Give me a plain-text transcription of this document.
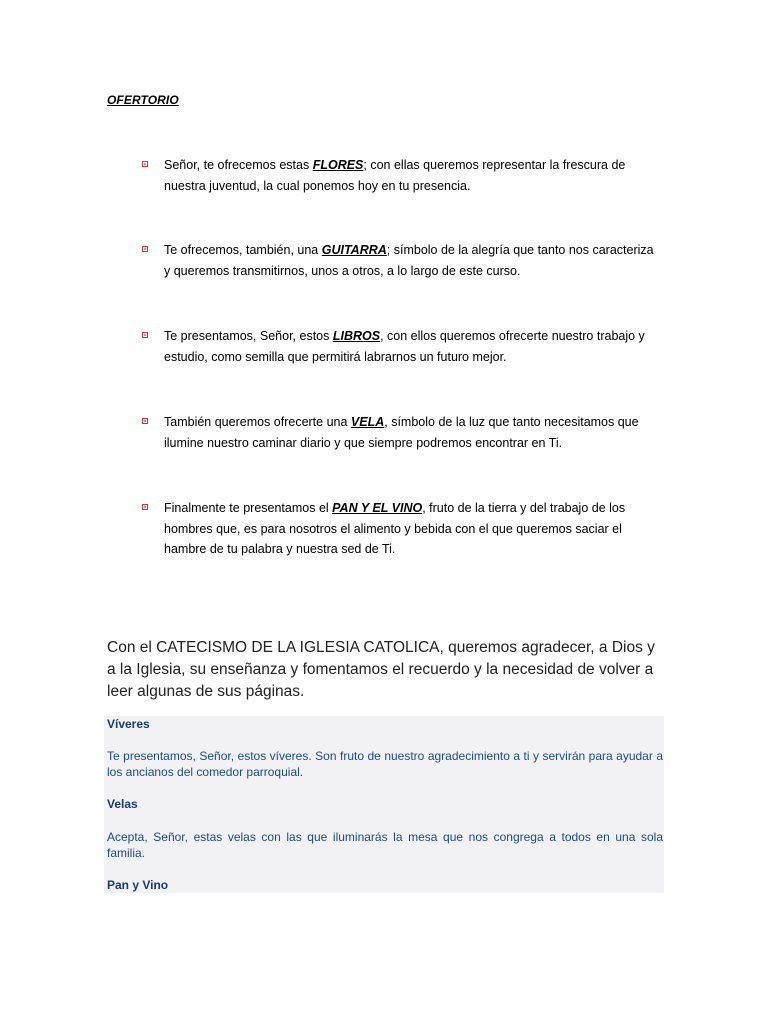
OFERTORIO
Señor, te ofrecemos estas FLORES; con ellas queremos representar la frescura de nuestra juventud, la cual ponemos hoy en tu presencia.
Te ofrecemos, también, una GUITARRA; símbolo de la alegría que tanto nos caracteriza y queremos transmitirnos, unos a otros, a lo largo de este curso.
Te presentamos, Señor, estos LIBROS, con ellos queremos ofrecerte nuestro trabajo y estudio, como semilla que permitirá labrarnos un futuro mejor.
También queremos ofrecerte una VELA, símbolo de la luz que tanto necesitamos que ilumine nuestro caminar diario y que siempre podremos encontrar en Ti.
Finalmente te presentamos el PAN Y EL VINO, fruto de la tierra y del trabajo de los hombres que, es para nosotros el alimento y bebida con el que queremos saciar el hambre de tu palabra y nuestra sed de Ti.
Con el CATECISMO DE LA IGLESIA CATOLICA, queremos agradecer, a Dios y a la Iglesia, su enseñanza y fomentamos el recuerdo y la necesidad de volver a leer algunas de sus páginas.
Víveres
Te presentamos, Señor, estos víveres. Son fruto de nuestro agradecimiento a ti y servirán para ayudar a los ancianos del comedor parroquial.
Velas
Acepta, Señor, estas velas con las que iluminarás la mesa que nos congrega a todos en una sola familia.
Pan y Vino
